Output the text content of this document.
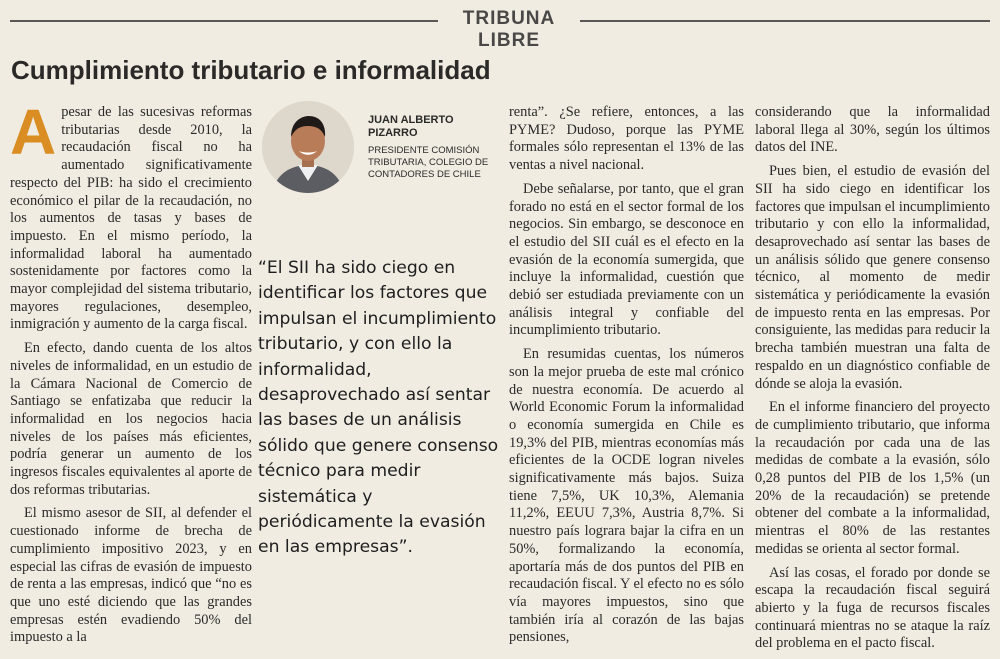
TRIBUNA LIBRE
Cumplimiento tributario e informalidad

Apesar de las sucesivas reformas tributarias desde 2010, la recaudación fiscal no ha aumentado significativamente respecto del PIB: ha sido el crecimiento económico el pilar de la recaudación, no los aumentos de tasas y bases de impuesto. En el mismo período, la informalidad laboral ha aumentado sostenidamente por factores como la mayor complejidad del sistema tributario, mayores regulaciones, desempleo, inmigración y aumento de la carga fiscal.

En efecto, dando cuenta de los altos niveles de informalidad, en un estudio de la Cámara Nacional de Comercio de Santiago se enfatizaba que reducir la informalidad en los negocios hacia niveles de los países más eficientes, podría generar un aumento de los ingresos fiscales equivalentes al aporte de dos reformas tributarias.

El mismo asesor de SII, al defender el cuestionado informe de brecha de cumplimiento impositivo 2023, y en especial las cifras de evasión de impuesto de renta a las empresas, indicó que “no es que uno esté diciendo que las grandes empresas estén evadiendo 50% del impuesto a la

JUAN ALBERTO PIZARRO
PRESIDENTE COMISIÓN TRIBUTARIA, COLEGIO DE CONTADORES DE CHILE

“El SII ha sido ciego en identificar los factores que impulsan el incumplimiento tributario, y con ello la informalidad, desaprovechado así sentar las bases de un análisis sólido que genere consenso técnico para medir sistemática y periódicamente la evasión en las empresas”.

renta”. ¿Se refiere, entonces, a las PYME? Dudoso, porque las PYME formales sólo representan el 13% de las ventas a nivel nacional.

Debe señalarse, por tanto, que el gran forado no está en el sector formal de los negocios. Sin embargo, se desconoce en el estudio del SII cuál es el efecto en la evasión de la economía sumergida, que incluye la informalidad, cuestión que debió ser estudiada previamente con un análisis integral y confiable del incumplimiento tributario.

En resumidas cuentas, los números son la mejor prueba de este mal crónico de nuestra economía. De acuerdo al World Economic Forum la informalidad o economía sumergida en Chile es 19,3% del PIB, mientras economías más eficientes de la OCDE logran niveles significativamente más bajos. Suiza tiene 7,5%, UK 10,3%, Alemania 11,2%, EEUU 7,3%, Austria 8,7%. Si nuestro país lograra bajar la cifra en un 50%, formalizando la economía, aportaría más de dos puntos del PIB en recaudación fiscal. Y el efecto no es sólo vía mayores impuestos, sino que también iría al corazón de las bajas pensiones,

considerando que la informalidad laboral llega al 30%, según los últimos datos del INE.

Pues bien, el estudio de evasión del SII ha sido ciego en identificar los factores que impulsan el incumplimiento tributario y con ello la informalidad, desaprovechado así sentar las bases de un análisis sólido que genere consenso técnico, al momento de medir sistemática y periódicamente la evasión de impuesto renta en las empresas. Por consiguiente, las medidas para reducir la brecha también muestran una falta de respaldo en un diagnóstico confiable de dónde se aloja la evasión.

En el informe financiero del proyecto de cumplimiento tributario, que informa la recaudación por cada una de las medidas de combate a la evasión, sólo 0,28 puntos del PIB de los 1,5% (un 20% de la recaudación) se pretende obtener del combate a la informalidad, mientras el 80% de las restantes medidas se orienta al sector formal.

Así las cosas, el forado por donde se escapa la recaudación fiscal seguirá abierto y la fuga de recursos fiscales continuará mientras no se ataque la raíz del problema en el pacto fiscal.
